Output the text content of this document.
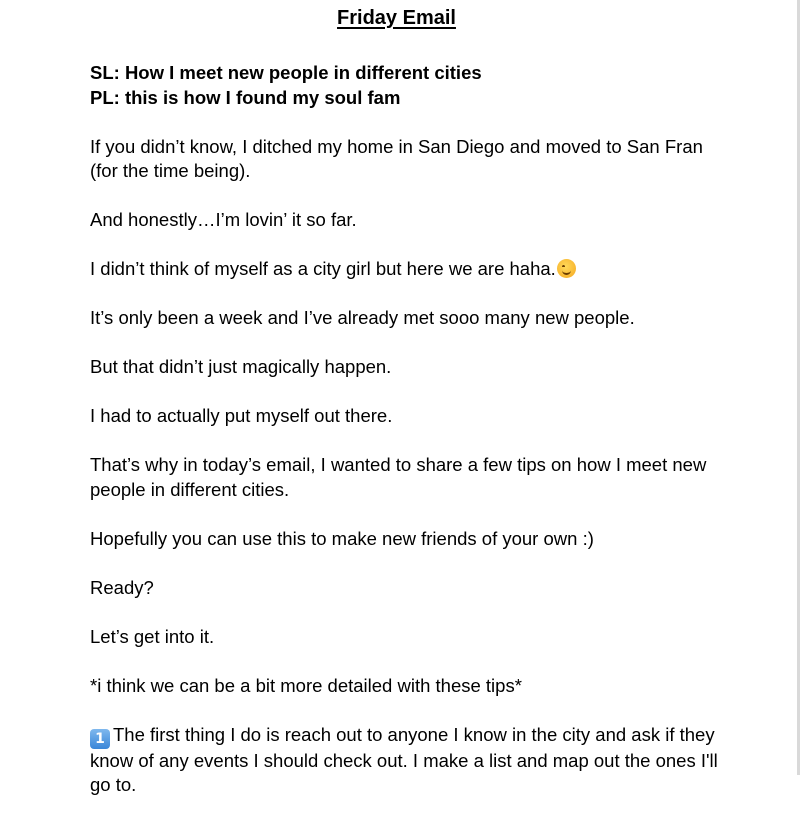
Friday Email

SL: How I meet new people in different cities

PL: this is how I found my soul fam

If you didn’t know, I ditched my home in San Diego and moved to San Fran (for the time being).

And honestly…I’m lovin’ it so far.

I didn’t think of myself as a city girl but here we are haha.

It’s only been a week and I’ve already met sooo many new people.

But that didn’t just magically happen.

I had to actually put myself out there.

That’s why in today’s email, I wanted to share a few tips on how I meet new people in different cities.

Hopefully you can use this to make new friends of your own :)

Ready?

Let’s get into it.

*i think we can be a bit more detailed with these tips*

1 The first thing I do is reach out to anyone I know in the city and ask if they know of any events I should check out. I make a list and map out the ones I'll go to.
